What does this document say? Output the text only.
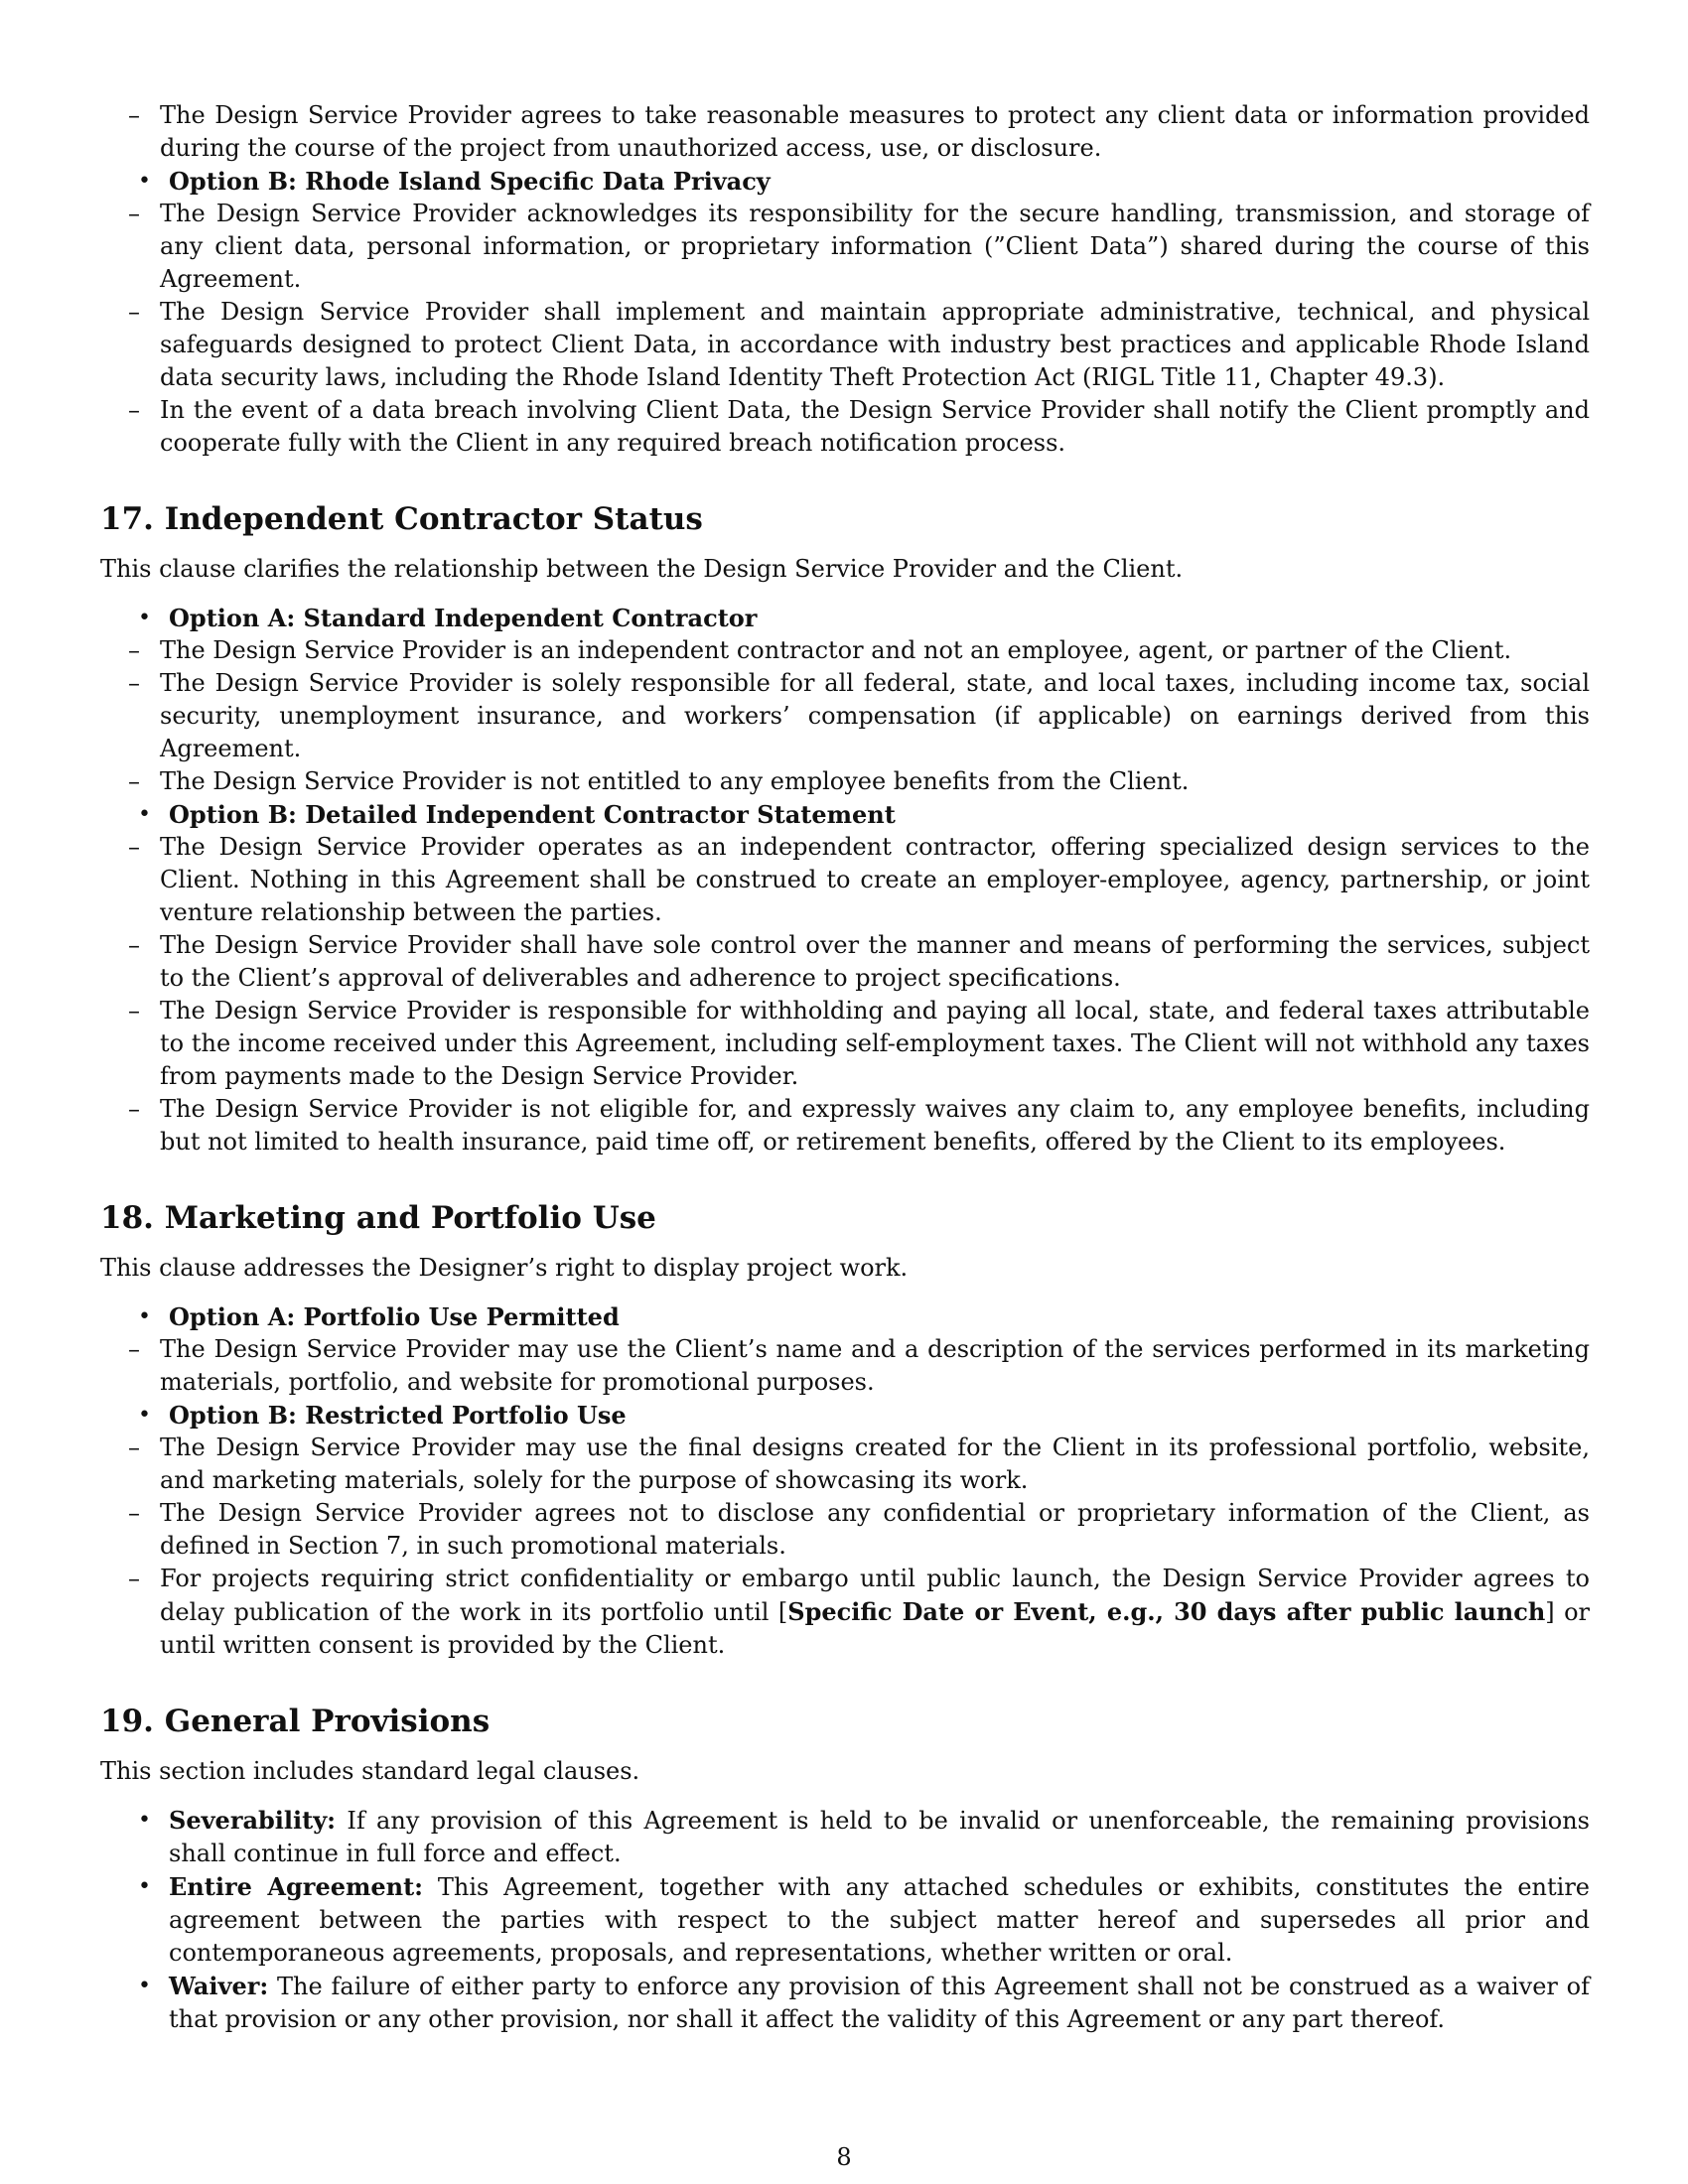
– The Design Service Provider agrees to take reasonable measures to protect any client data or information provided during the course of the project from unauthorized access, use, or disclosure.
• Option B: Rhode Island Specific Data Privacy
– The Design Service Provider acknowledges its responsibility for the secure handling, transmission, and storage of any client data, personal information, or proprietary information (”Client Data”) shared during the course of this Agreement.
– The Design Service Provider shall implement and maintain appropriate administrative, technical, and physical safeguards designed to protect Client Data, in accordance with industry best practices and applicable Rhode Island data security laws, including the Rhode Island Identity Theft Protection Act (RIGL Title 11, Chapter 49.3).
– In the event of a data breach involving Client Data, the Design Service Provider shall notify the Client promptly and cooperate fully with the Client in any required breach notification process.
17. Independent Contractor Status

This clause clarifies the relationship between the Design Service Provider and the Client.

• Option A: Standard Independent Contractor
– The Design Service Provider is an independent contractor and not an employee, agent, or partner of the Client.
– The Design Service Provider is solely responsible for all federal, state, and local taxes, including income tax, social security, unemployment insurance, and workers’ compensation (if applicable) on earnings derived from this Agreement.
– The Design Service Provider is not entitled to any employee benefits from the Client.
• Option B: Detailed Independent Contractor Statement
– The Design Service Provider operates as an independent contractor, offering specialized design services to the Client. Nothing in this Agreement shall be construed to create an employer-employee, agency, partnership, or joint venture relationship between the parties.
– The Design Service Provider shall have sole control over the manner and means of performing the services, subject to the Client’s approval of deliverables and adherence to project specifications.
– The Design Service Provider is responsible for withholding and paying all local, state, and federal taxes attributable to the income received under this Agreement, including self-employment taxes. The Client will not withhold any taxes from payments made to the Design Service Provider.
– The Design Service Provider is not eligible for, and expressly waives any claim to, any employee benefits, including but not limited to health insurance, paid time off, or retirement benefits, offered by the Client to its employees.
18. Marketing and Portfolio Use

This clause addresses the Designer’s right to display project work.

• Option A: Portfolio Use Permitted
– The Design Service Provider may use the Client’s name and a description of the services performed in its marketing materials, portfolio, and website for promotional purposes.
• Option B: Restricted Portfolio Use
– The Design Service Provider may use the final designs created for the Client in its professional portfolio, website, and marketing materials, solely for the purpose of showcasing its work.
– The Design Service Provider agrees not to disclose any confidential or proprietary information of the Client, as defined in Section 7, in such promotional materials.
– For projects requiring strict confidentiality or embargo until public launch, the Design Service Provider agrees to delay publication of the work in its portfolio until [Specific Date or Event, e.g., 30 days after public launch] or until written consent is provided by the Client.
19. General Provisions

This section includes standard legal clauses.

• Severability: If any provision of this Agreement is held to be invalid or unenforceable, the remaining provisions shall continue in full force and effect.
• Entire Agreement: This Agreement, together with any attached schedules or exhibits, constitutes the entire agreement between the parties with respect to the subject matter hereof and supersedes all prior and contemporaneous agreements, proposals, and representations, whether written or oral.
• Waiver: The failure of either party to enforce any provision of this Agreement shall not be construed as a waiver of that provision or any other provision, nor shall it affect the validity of this Agreement or any part thereof.
8
